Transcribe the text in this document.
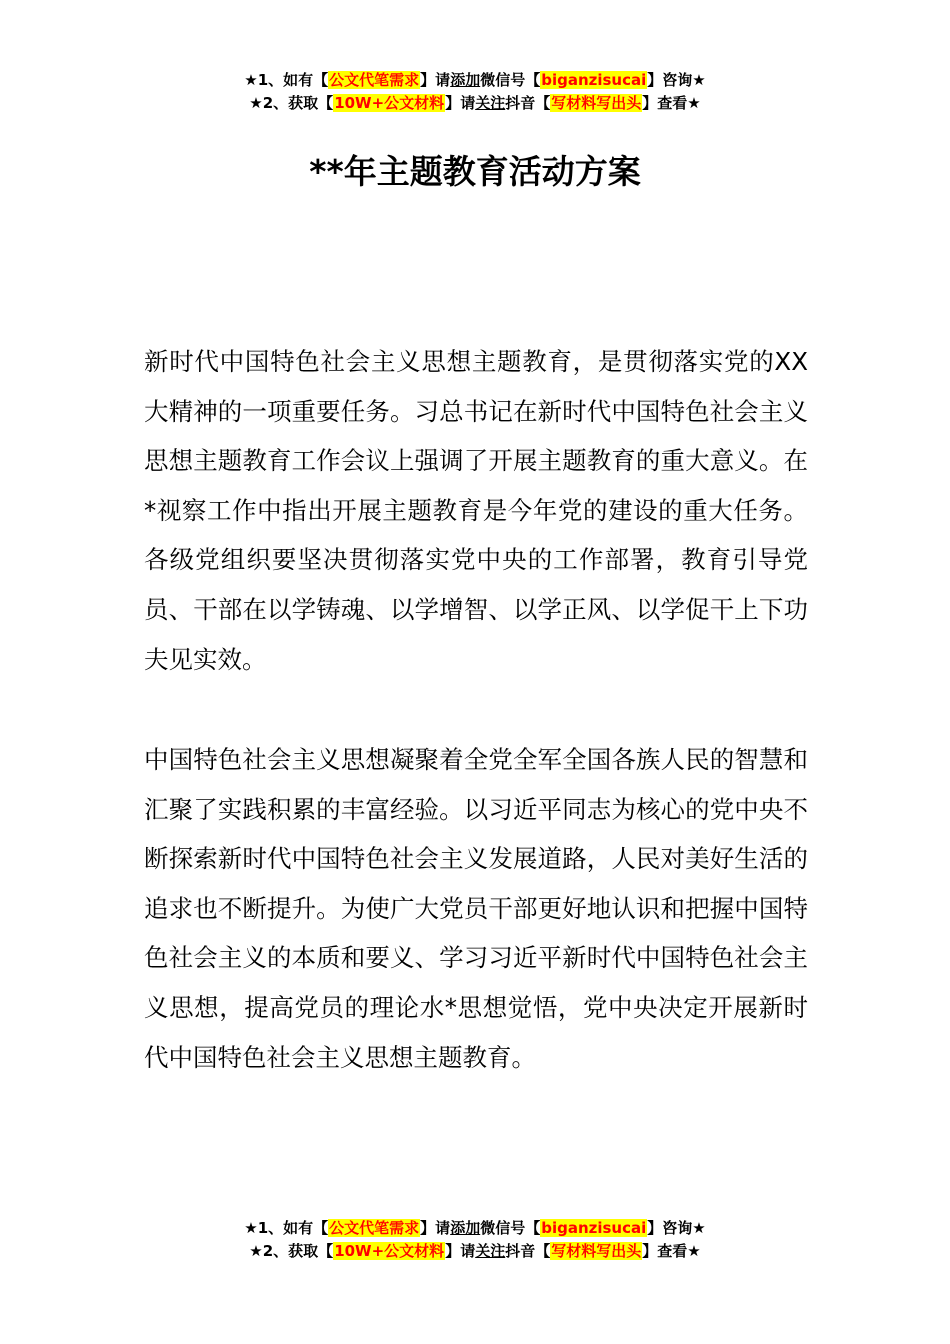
★1、如有【公文代笔需求】请添加微信号【biganzisucai】咨询★
★2、获取【10W+公文材料】请关注抖音【写材料写出头】查看★
**年主题教育活动方案

新时代中国特色社会主义思想主题教育，是贯彻落实党的XX大精神的一项重要任务。习总书记在新时代中国特色社会主义思想主题教育工作会议上强调了开展主题教育的重大意义。在*视察工作中指出开展主题教育是今年党的建设的重大任务。各级党组织要坚决贯彻落实党中央的工作部署，教育引导党员、干部在以学铸魂、以学增智、以学正风、以学促干上下功夫见实效。

中国特色社会主义思想凝聚着全党全军全国各族人民的智慧和汇聚了实践积累的丰富经验。以习近平同志为核心的党中央不断探索新时代中国特色社会主义发展道路，人民对美好生活的追求也不断提升。为使广大党员干部更好地认识和把握中国特色社会主义的本质和要义、学习习近平新时代中国特色社会主义思想，提高党员的理论水*思想觉悟，党中央决定开展新时代中国特色社会主义思想主题教育。

★1、如有【公文代笔需求】请添加微信号【biganzisucai】咨询★
★2、获取【10W+公文材料】请关注抖音【写材料写出头】查看★
